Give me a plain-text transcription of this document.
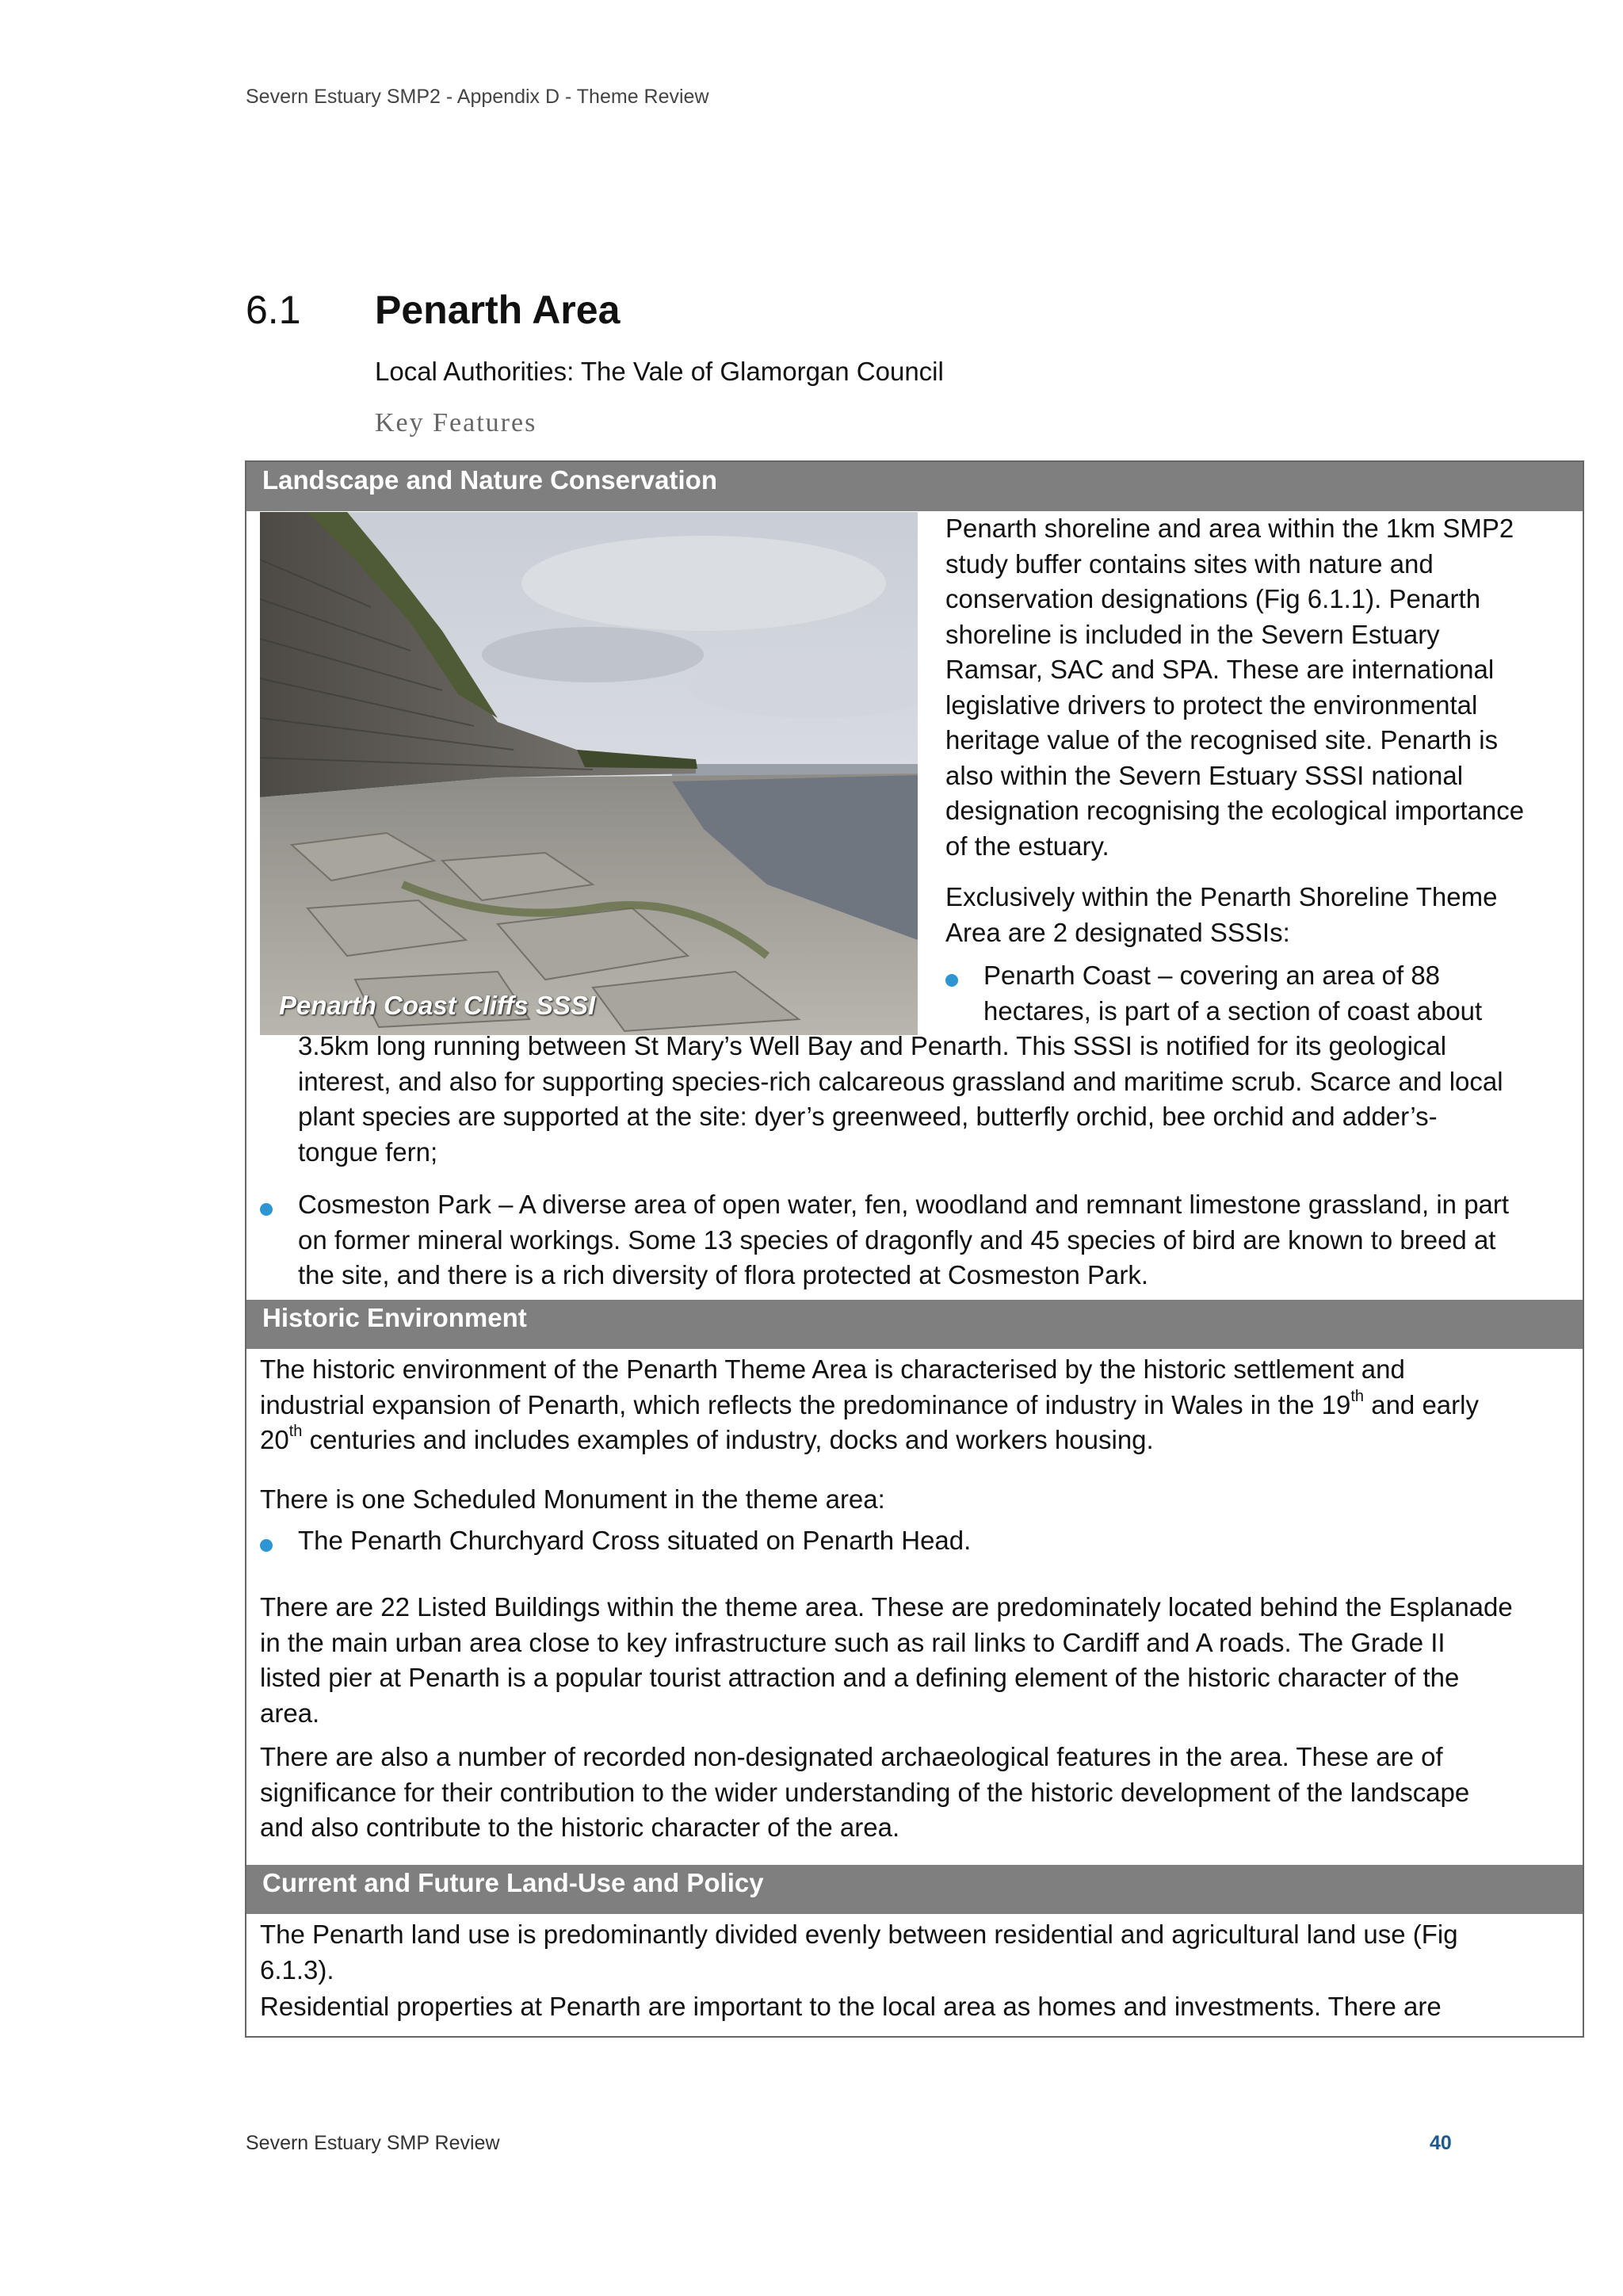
Severn Estuary SMP2 - Appendix D - Theme Review
6.1 Penarth Area
Local Authorities: The Vale of Glamorgan Council
Key Features
Landscape and Nature Conservation
Penarth Coast Cliffs SSSI
Penarth shoreline and area within the 1km SMP2
study buffer contains sites with nature and
conservation designations (Fig 6.1.1). Penarth
shoreline is included in the Severn Estuary
Ramsar, SAC and SPA. These are international
legislative drivers to protect the environmental
heritage value of the recognised site. Penarth is
also within the Severn Estuary SSSI national
designation recognising the ecological importance
of the estuary.
Exclusively within the Penarth Shoreline Theme
Area are 2 designated SSSIs:
Penarth Coast – covering an area of 88
hectares, is part of a section of coast about
3.5km long running between St Mary’s Well Bay and Penarth. This SSSI is notified for its geological
interest, and also for supporting species-rich calcareous grassland and maritime scrub. Scarce and local
plant species are supported at the site: dyer’s greenweed, butterfly orchid, bee orchid and adder’s-
tongue fern;
Cosmeston Park – A diverse area of open water, fen, woodland and remnant limestone grassland, in part
on former mineral workings. Some 13 species of dragonfly and 45 species of bird are known to breed at
the site, and there is a rich diversity of flora protected at Cosmeston Park.
Historic Environment
The historic environment of the Penarth Theme Area is characterised by the historic settlement and
industrial expansion of Penarth, which reflects the predominance of industry in Wales in the 19th and early
20th centuries and includes examples of industry, docks and workers housing.
There is one Scheduled Monument in the theme area:
The Penarth Churchyard Cross situated on Penarth Head.
There are 22 Listed Buildings within the theme area. These are predominately located behind the Esplanade
in the main urban area close to key infrastructure such as rail links to Cardiff and A roads. The Grade II
listed pier at Penarth is a popular tourist attraction and a defining element of the historic character of the
area.
There are also a number of recorded non-designated archaeological features in the area. These are of
significance for their contribution to the wider understanding of the historic development of the landscape
and also contribute to the historic character of the area.
Current and Future Land-Use and Policy
The Penarth land use is predominantly divided evenly between residential and agricultural land use (Fig
6.1.3).
Residential properties at Penarth are important to the local area as homes and investments. There are
Severn Estuary SMP Review	40
